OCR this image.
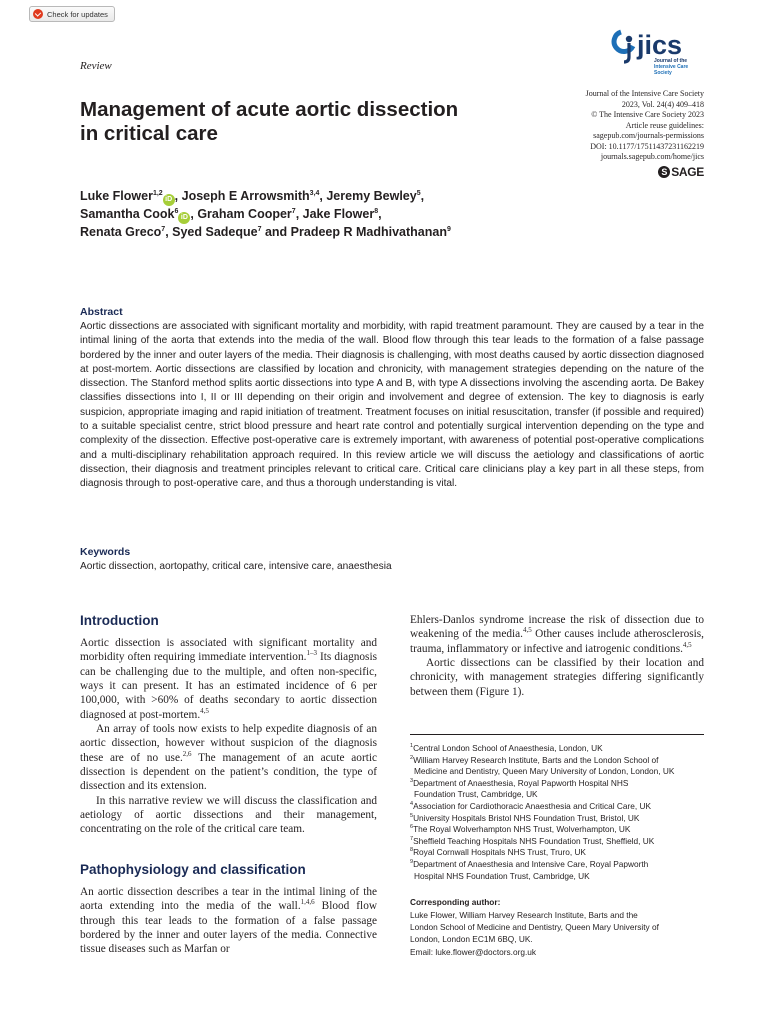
Check for updates
jics
Journal of the
Intensive Care
Society
Review
Journal of the Intensive Care Society
2023, Vol. 24(4) 409–418
© The Intensive Care Society 2023
Article reuse guidelines:
sagepub.com/journals-permissions
DOI: 10.1177/17511437231162219
journals.sagepub.com/home/jics
S SAGE
Management of acute aortic dissection
in critical care
Luke Flower$^{1,2}$iD , Joseph E Arrowsmith$^{3,4}$, Jeremy Bewley$^5$,
Samantha Cook$^6$iD , Graham Cooper$^7$, Jake Flower$^8$,
Renata Greco$^7$, Syed Sadeque$^7$ and Pradeep R Madhivathanan$^9$
Abstract
Aortic dissections are associated with significant mortality and morbidity, with rapid treatment paramount. They are caused by a tear in the intimal lining of the aorta that extends into the media of the wall. Blood flow through this tear leads to the formation of a false passage bordered by the inner and outer layers of the media. Their diagnosis is challenging, with most deaths caused by aortic dissection diagnosed at post-mortem. Aortic dissections are classified by location and chronicity, with management strategies depending on the nature of the dissection. The Stanford method splits aortic dissections into type A and B, with type A dissections involving the ascending aorta. De Bakey classifies dissections into I, II or III depending on their origin and involvement and degree of extension. The key to diagnosis is early suspicion, appropriate imaging and rapid initiation of treatment. Treatment focuses on initial resuscitation, transfer (if possible and required) to a suitable specialist centre, strict blood pressure and heart rate control and potentially surgical intervention depending on the type and complexity of the dissection. Effective post-operative care is extremely important, with awareness of potential post-operative complications and a multi-disciplinary rehabilitation approach required. In this review article we will discuss the aetiology and classifications of aortic dissection, their diagnosis and treatment principles relevant to critical care. Critical care clinicians play a key part in all these steps, from diagnosis through to post-operative care, and thus a thorough understanding is vital.
Keywords
Aortic dissection, aortopathy, critical care, intensive care, anaesthesia
Introduction

Aortic dissection is associated with significant mortality and morbidity often requiring immediate intervention.$^{1-3}$ Its diagnosis can be challenging due to the multiple, and often non-specific, ways it can present. It has an estimated incidence of 6 per 100,000, with >60% of deaths secondary to aortic dissection diagnosed at post-mortem.$^{4,5}$

An array of tools now exists to help expedite diagnosis of an aortic dissection, however without suspicion of the diagnosis these are of no use.$^{2,6}$ The management of an acute aortic dissection is dependent on the patient’s condition, the type of dissection and its extension.

In this narrative review we will discuss the classification and aetiology of aortic dissections and their management, concentrating on the role of the critical care team.

Pathophysiology and classification

An aortic dissection describes a tear in the intimal lining of the aorta extending into the media of the wall.$^{1,4,6}$ Blood flow through this tear leads to the formation of a false passage bordered by the inner and outer layers of the media. Connective tissue diseases such as Marfan or

Ehlers-Danlos syndrome increase the risk of dissection due to weakening of the media.$^{4,5}$ Other causes include atherosclerosis, trauma, inflammatory or infective and iatrogenic conditions.$^{4,5}$

Aortic dissections can be classified by their location and chronicity, with management strategies differing significantly between them (Figure 1).

$^1$Central London School of Anaesthesia, London, UK
$^2$William Harvey Research Institute, Barts and the London School of
Medicine and Dentistry, Queen Mary University of London, London, UK
$^3$Department of Anaesthesia, Royal Papworth Hospital NHS
Foundation Trust, Cambridge, UK
$^4$Association for Cardiothoracic Anaesthesia and Critical Care, UK
$^5$University Hospitals Bristol NHS Foundation Trust, Bristol, UK
$^6$The Royal Wolverhampton NHS Trust, Wolverhampton, UK
$^7$Sheffield Teaching Hospitals NHS Foundation Trust, Sheffield, UK
$^8$Royal Cornwall Hospitals NHS Trust, Truro, UK
$^9$Department of Anaesthesia and Intensive Care, Royal Papworth
Hospital NHS Foundation Trust, Cambridge, UK
Corresponding author:
Luke Flower, William Harvey Research Institute, Barts and the
London School of Medicine and Dentistry, Queen Mary University of
London, London EC1M 6BQ, UK.
Email: luke.flower@doctors.org.uk
